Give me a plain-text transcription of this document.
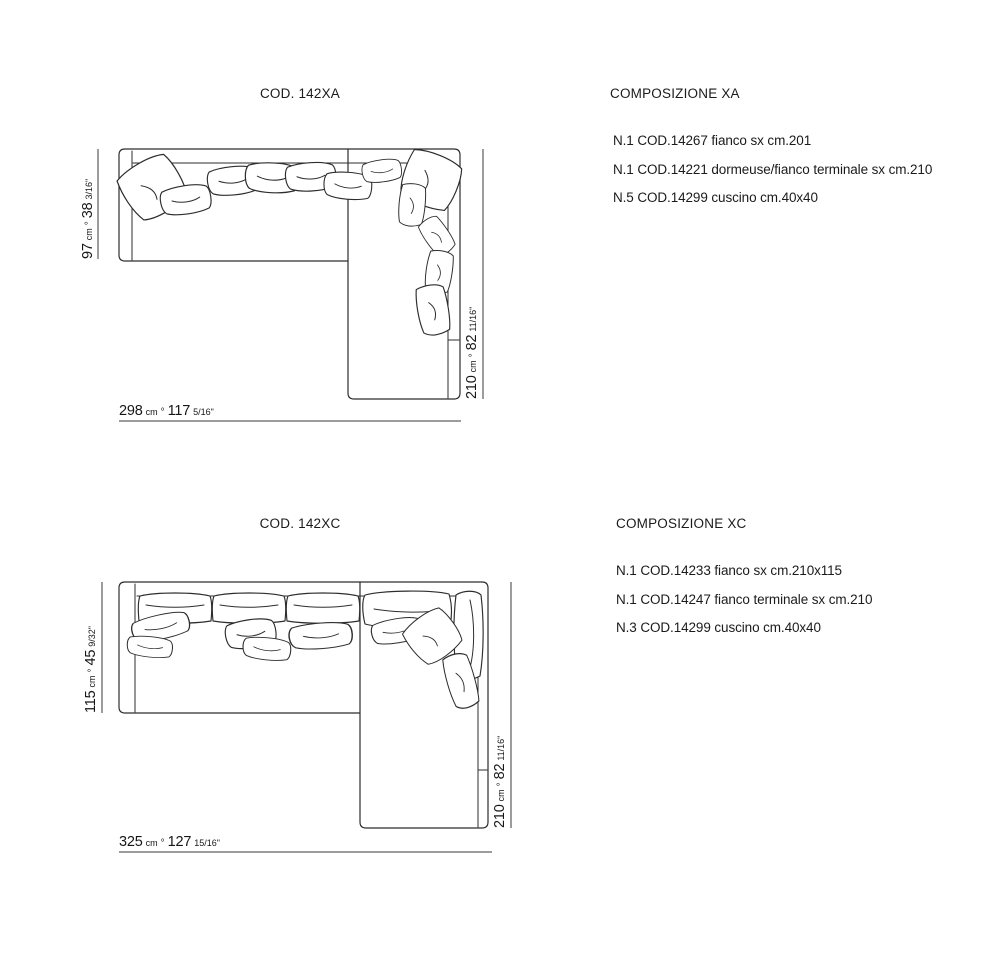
COD. 142XA	COMPOSIZIONE XA
N.1 COD.14267 fianco sx cm.201
N.1 COD.14221 dormeuse/fianco terminale sx cm.210
N.5 COD.14299 cuscino cm.40x40
97cm°383/16"
298 cm ° 117 5/16"
210cm°8211/16"
COD. 142XC	COMPOSIZIONE XC
N.1 COD.14233 fianco sx cm.210x115
N.1 COD.14247 fianco terminale sx cm.210
N.3 COD.14299 cuscino cm.40x40
115cm°459/32"
325 cm ° 127 15/16"
210cm°8211/16"
